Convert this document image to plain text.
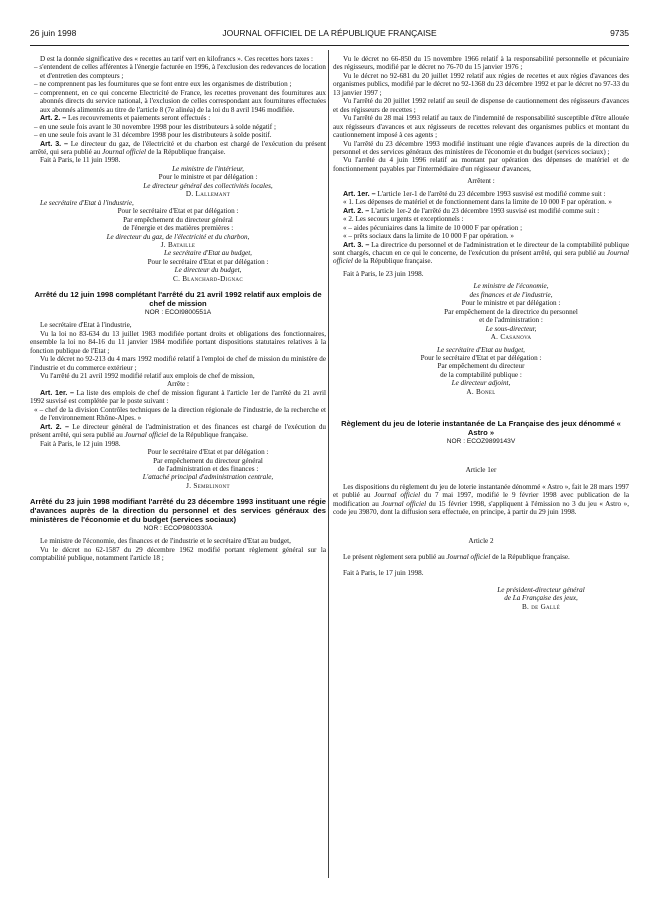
26 juin 1998	JOURNAL OFFICIEL DE LA RÉPUBLIQUE FRANÇAISE	9735

D est la donnée significative des « recettes au tarif vert en kilofrancs ». Ces recettes hors taxes :

– s'entendent de celles afférentes à l'énergie facturée en 1996, à l'exclusion des redevances de location et d'entretien des compteurs ;

– ne comprennent pas les fournitures que se font entre eux les organismes de distribution ;

– comprennent, en ce qui concerne Electricité de France, les recettes provenant des fournitures aux abonnés directs du service national, à l'exclusion de celles correspondant aux fournitures effectuées aux abonnés alimentés au titre de l'article 8 (7e alinéa) de la loi du 8 avril 1946 modifiée.

Art. 2. – Les recouvrements et paiements seront effectués :

– en une seule fois avant le 30 novembre 1998 pour les distributeurs à solde négatif ;

– en une seule fois avant le 31 décembre 1998 pour les distributeurs à solde positif.

Art. 3. – Le directeur du gaz, de l'électricité et du charbon est chargé de l'exécution du présent arrêté, qui sera publié au Journal officiel de la République française.

Fait à Paris, le 11 juin 1998.

Le ministre de l'intérieur,

Pour le ministre et par délégation :

Le directeur général des collectivités locales,

D. Lallemant

Le secrétaire d'Etat à l'industrie,

Pour le secrétaire d'Etat et par délégation :

Par empêchement du directeur général

de l'énergie et des matières premières :

Le directeur du gaz, de l'électricité et du charbon,

J. Bataille

Le secrétaire d'Etat au budget,

Pour le secrétaire d'Etat et par délégation :

Le directeur du budget,

C. Blanchard-Dignac

Arrêté du 12 juin 1998 complétant l'arrêté du 21 avril 1992 relatif aux emplois de chef de mission

NOR : ECOI9800551A

Le secrétaire d'Etat à l'industrie,

Vu la loi no 83-634 du 13 juillet 1983 modifiée portant droits et obligations des fonctionnaires, ensemble la loi no 84-16 du 11 janvier 1984 modifiée portant dispositions statutaires relatives à la fonction publique de l'Etat ;

Vu le décret no 92-213 du 4 mars 1992 modifié relatif à l'emploi de chef de mission du ministère de l'industrie et du commerce extérieur ;

Vu l'arrêté du 21 avril 1992 modifié relatif aux emplois de chef de mission,

Arrête :

Art. 1er. – La liste des emplois de chef de mission figurant à l'article 1er de l'arrêté du 21 avril 1992 susvisé est complétée par le poste suivant :

« – chef de la division Contrôles techniques de la direction régionale de l'industrie, de la recherche et de l'environnement Rhône-Alpes. »

Art. 2. – Le directeur général de l'administration et des finances est chargé de l'exécution du présent arrêté, qui sera publié au Journal officiel de la République française.

Fait à Paris, le 12 juin 1998.

Pour le secrétaire d'Etat et par délégation :

Par empêchement du directeur général

de l'administration et des finances :

L'attaché principal d'administration centrale,

J. Semblinont

Arrêté du 23 juin 1998 modifiant l'arrêté du 23 décembre 1993 instituant une régie d'avances auprès de la direction du personnel et des services généraux des ministères de l'économie et du budget (services sociaux)

NOR : ECOP9800330A

Le ministre de l'économie, des finances et de l'industrie et le secrétaire d'Etat au budget,

Vu le décret no 62-1587 du 29 décembre 1962 modifié portant règlement général sur la comptabilité publique, notamment l'article 18 ;

Vu le décret no 66-850 du 15 novembre 1966 relatif à la responsabilité personnelle et pécuniaire des régisseurs, modifié par le décret no 76-70 du 15 janvier 1976 ;

Vu le décret no 92-681 du 20 juillet 1992 relatif aux régies de recettes et aux régies d'avances des organismes publics, modifié par le décret no 92-1368 du 23 décembre 1992 et par le décret no 97-33 du 13 janvier 1997 ;

Vu l'arrêté du 20 juillet 1992 relatif au seuil de dispense de cautionnement des régisseurs d'avances et des régisseurs de recettes ;

Vu l'arrêté du 28 mai 1993 relatif au taux de l'indemnité de responsabilité susceptible d'être allouée aux régisseurs d'avances et aux régisseurs de recettes relevant des organismes publics et montant du cautionnement imposé à ces agents ;

Vu l'arrêté du 23 décembre 1993 modifié instituant une régie d'avances auprès de la direction du personnel et des services généraux des ministères de l'économie et du budget (services sociaux) ;

Vu l'arrêté du 4 juin 1996 relatif au montant par opération des dépenses de matériel et de fonctionnement payables par l'intermédiaire d'un régisseur d'avances,

Arrêtent :

Art. 1er. – L'article 1er-1 de l'arrêté du 23 décembre 1993 susvisé est modifié comme suit :

« 1. Les dépenses de matériel et de fonctionnement dans la limite de 10 000 F par opération. »

Art. 2. – L'article 1er-2 de l'arrêté du 23 décembre 1993 susvisé est modifié comme suit :

« 2. Les secours urgents et exceptionnels :

« – aides pécuniaires dans la limite de 10 000 F par opération ;

« – prêts sociaux dans la limite de 10 000 F par opération. »

Art. 3. – La directrice du personnel et de l'administration et le directeur de la comptabilité publique sont chargés, chacun en ce qui le concerne, de l'exécution du présent arrêté, qui sera publié au Journal officiel de la République française.

Fait à Paris, le 23 juin 1998.

Le ministre de l'économie,

des finances et de l'industrie,

Pour le ministre et par délégation :

Par empêchement de la directrice du personnel

et de l'administration :

Le sous-directeur,

A. Casanova

Le secrétaire d'Etat au budget,

Pour le secrétaire d'Etat et par délégation :

Par empêchement du directeur

de la comptabilité publique :

Le directeur adjoint,

A. Bonel

Règlement du jeu de loterie instantanée de La Française des jeux dénommé « Astro »

NOR : ECOZ9899143V

Article 1er

Les dispositions du règlement du jeu de loterie instantanée dénommé « Astro », fait le 28 mars 1997 et publié au Journal officiel du 7 mai 1997, modifié le 9 février 1998 avec publication de la modification au Journal officiel du 15 février 1998, s'appliquent à l'émission no 3 du jeu « Astro », code jeu 39870, dont la diffusion sera effectuée, en principe, à partir du 29 juin 1998.

Article 2

Le présent règlement sera publié au Journal officiel de la République française.

Fait à Paris, le 17 juin 1998.

Le président-directeur général

de La Française des jeux,

B. de Gallé
